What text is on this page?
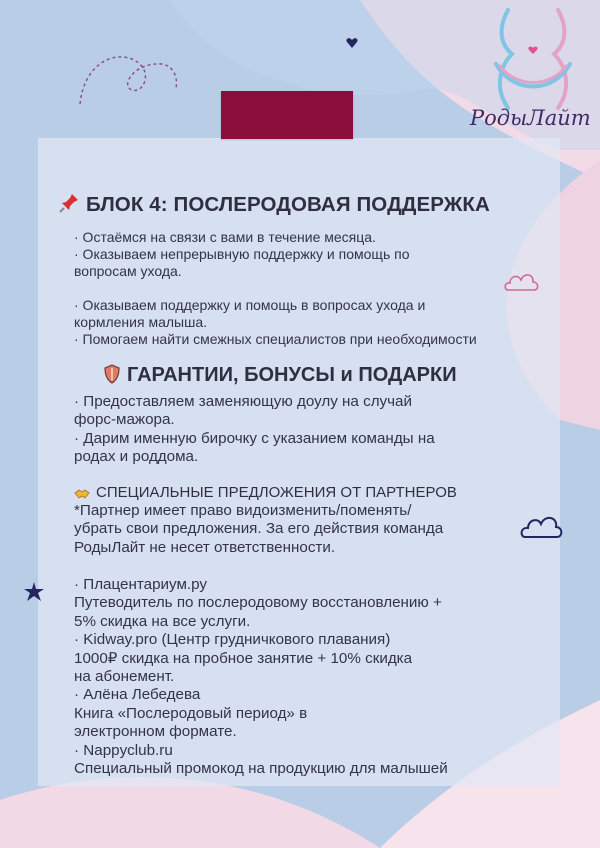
РодыЛайт
БЛОК 4: ПОСЛЕРОДОВАЯ ПОДДЕРЖКА
· Остаёмся на связи с вами в течение месяца.
· Оказываем непрерывную поддержку и помощь по
вопросам ухода.
· Оказываем поддержку и помощь в вопросах ухода и
кормления малыша.
· Помогаем найти смежных специалистов при необходимости
ГАРАНТИИ, БОНУСЫ и ПОДАРКИ
· Предоставляем заменяющую доулу на случай
форс-мажора.
· Дарим именную бирочку с указанием команды на
родах и роддома.
СПЕЦИАЛЬНЫЕ ПРЕДЛОЖЕНИЯ ОТ ПАРТНЕРОВ
*Партнер имеет право видоизменить/поменять/
убрать свои предложения. За его действия команда
РодыЛайт не несет ответственности.
· Плацентариум.ру
Путеводитель по послеродовому восстановлению +
5% скидка на все услуги.
· Kidway.pro (Центр грудничкового плавания)
1000₽ скидка на пробное занятие + 10% скидка
на абонемент.
· Алёна Лебедева
Книга «Послеродовый период» в
электронном формате.
· Nappyclub.ru
Специальный промокод на продукцию для малышей
